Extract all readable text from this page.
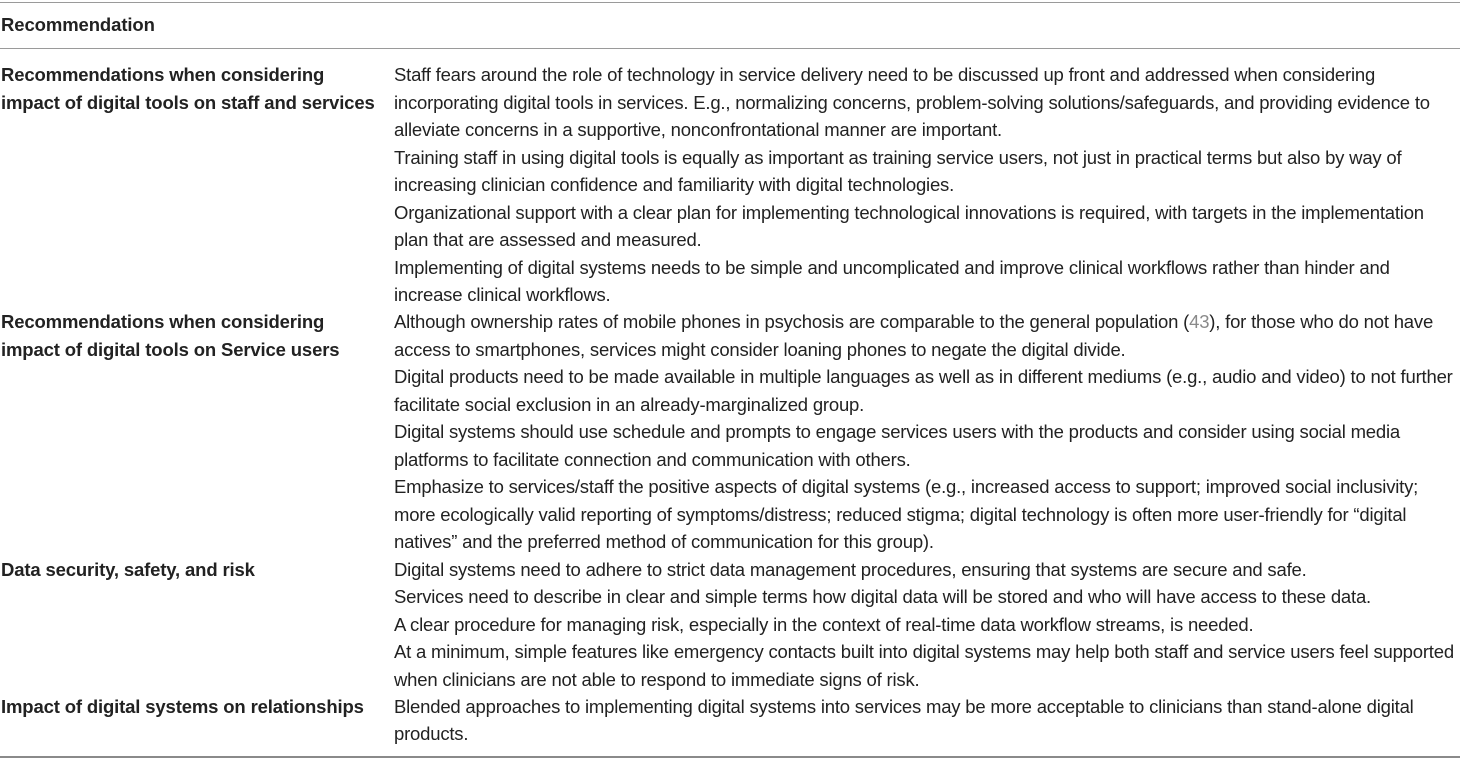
Recommendation
Recommendations when considering impact of digital tools on staff and services

Staff fears around the role of technology in service delivery need to be discussed up front and addressed when considering incorporating digital tools in services. E.g., normalizing concerns, problem-solving solutions/safeguards, and providing evidence to alleviate concerns in a supportive, nonconfrontational manner are important.

Training staff in using digital tools is equally as important as training service users, not just in practical terms but also by way of increasing clinician confidence and familiarity with digital technologies.

Organizational support with a clear plan for implementing technological innovations is required, with targets in the implementation plan that are assessed and measured.

Implementing of digital systems needs to be simple and uncomplicated and improve clinical workflows rather than hinder and increase clinical workflows.

Recommendations when considering impact of digital tools on Service users

Although ownership rates of mobile phones in psychosis are comparable to the general population (43), for those who do not have access to smartphones, services might consider loaning phones to negate the digital divide.

Digital products need to be made available in multiple languages as well as in different mediums (e.g., audio and video) to not further facilitate social exclusion in an already-marginalized group.

Digital systems should use schedule and prompts to engage services users with the products and consider using social media platforms to facilitate connection and communication with others.

Emphasize to services/staff the positive aspects of digital systems (e.g., increased access to support; improved social inclusivity; more ecologically valid reporting of symptoms/distress; reduced stigma; digital technology is often more user-friendly for “digital natives” and the preferred method of communication for this group).

Data security, safety, and risk	Digital systems need to adhere to strict data management procedures, ensuring that systems are secure and safe.

Services need to describe in clear and simple terms how digital data will be stored and who will have access to these data.

A clear procedure for managing risk, especially in the context of real-time data workflow streams, is needed.

At a minimum, simple features like emergency contacts built into digital systems may help both staff and service users feel supported when clinicians are not able to respond to immediate signs of risk.

Impact of digital systems on relationships	Blended approaches to implementing digital systems into services may be more acceptable to clinicians than stand-alone digital products.
